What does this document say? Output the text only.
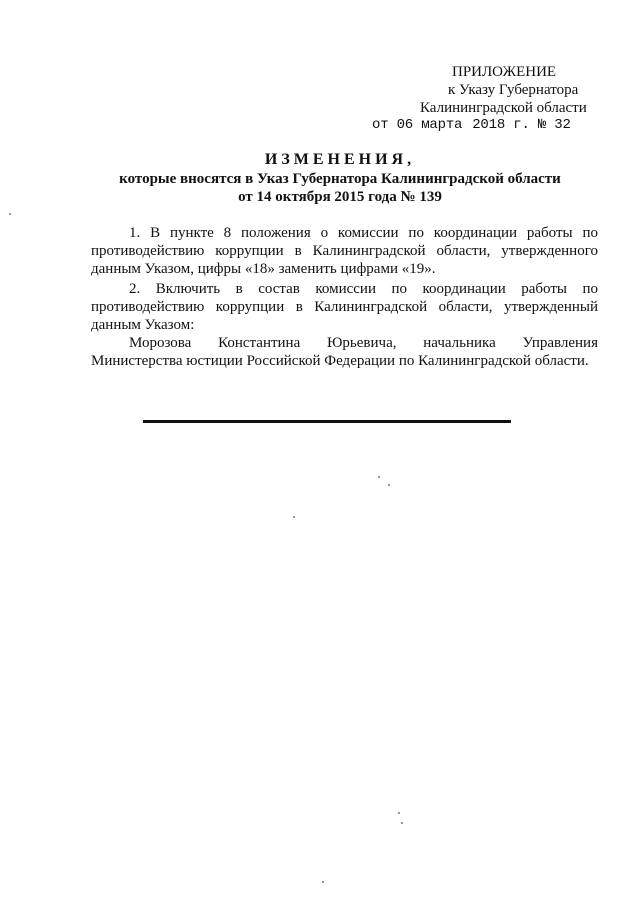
ПРИЛОЖЕНИЕ
к Указу Губернатора
Калининградской области
от 06 марта 2018 г. № 32
ИЗМЕНЕНИЯ,
которые вносятся в Указ Губернатора Калининградской области
от 14 октября 2015 года № 139

1. В пункте 8 положения о комиссии по координации работы по противодействию коррупции в Калининградской области, утвержденного данным Указом, цифры «18» заменить цифрами «19».

2. Включить в состав комиссии по координации работы по противодействию коррупции в Калининградской области, утвержденный данным Указом:

Морозова Константина Юрьевича, начальника Управления

Министерства юстиции Российской Федерации по Калининградской области.
